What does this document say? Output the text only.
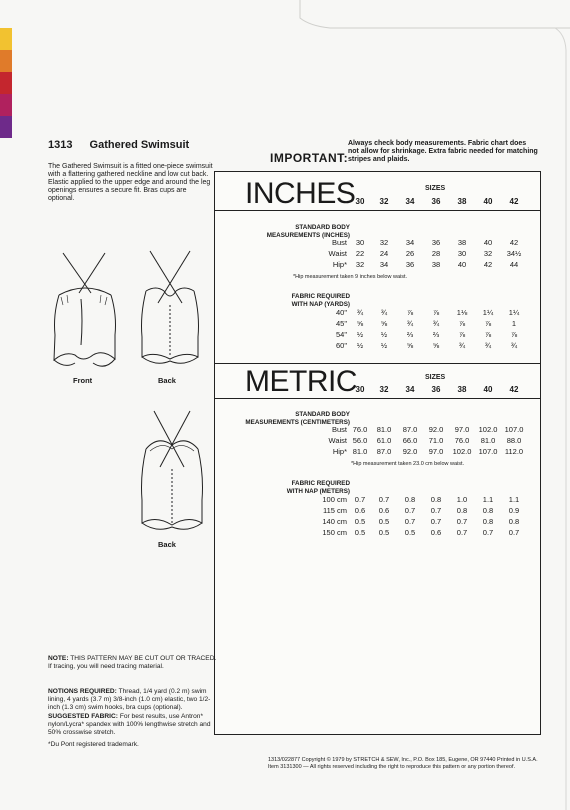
1313 Gathered Swimsuit
The Gathered Swimsuit is a fitted one-piece swimsuit with a flattering gathered neckline and low cut back. Elastic applied to the upper edge and around the leg openings ensures a secure fit. Bras cups are optional.
Front	Back
Back
IMPORTANT:
Always check body measurements. Fabric chart does not allow for shrinkage. Extra fabric needed for matching stripes and plaids.
INCHES	SIZES
30	32	34	36	38	40	42
STANDARD BODY
MEASUREMENTS (INCHES)
Bust	30	32	34	36	38	40	42
Waist	22	24	26	28	30	32	34½
Hip*	32	34	36	38	40	42	44
*Hip measurement taken 9 inches below waist.
FABRIC REQUIRED
WITH NAP (YARDS)
40"	¾	¾	⅞	⅞	1⅛	1¼	1¼
45"	⅝	⅝	¾	¾	⅞	⅞	1
54"	½	½	⅔	⅔	⅞	⅞	⅞
60"	½	½	⅝	⅝	¾	¾	¾
METRIC	SIZES
30	32	34	36	38	40	42
STANDARD BODY
MEASUREMENTS (CENTIMETERS)
Bust 76.0	81.0	87.0	92.0	97.0	102.0 107.0
Waist 56.0	61.0	66.0	71.0	76.0	81.0	88.0
Hip* 81.0	87.0	92.0	97.0	102.0 107.0 112.0
*Hip measurement taken 23.0 cm below waist.
FABRIC REQUIRED
WITH NAP (METERS)
100 cm	0.7	0.7	0.8	0.8	1.0	1.1	1.1
115 cm	0.6	0.6	0.7	0.7	0.8	0.8	0.9
140 cm	0.5	0.5	0.7	0.7	0.7	0.8	0.8
150 cm	0.5	0.5	0.5	0.6	0.7	0.7	0.7
NOTE: THIS PATTERN MAY BE CUT OUT OR TRACED. If tracing, you will need tracing material.
NOTIONS REQUIRED: Thread, 1/4 yard (0.2 m) swim lining, 4 yards (3.7 m) 3/8-inch (1.0 cm) elastic, two 1/2-inch (1.3 cm) swim hooks, bra cups (optional).
SUGGESTED FABRIC: For best results, use Antron* nylon/Lycra* spandex with 100% lengthwise stretch and 50% crosswise stretch.
*Du Pont registered trademark.
1313/022877 Copyright © 1979 by STRETCH & SEW, Inc., P.O. Box 185, Eugene, OR 97440 Printed in U.S.A.
Item 3131300 — All rights reserved including the right to reproduce this pattern or any portion thereof.
